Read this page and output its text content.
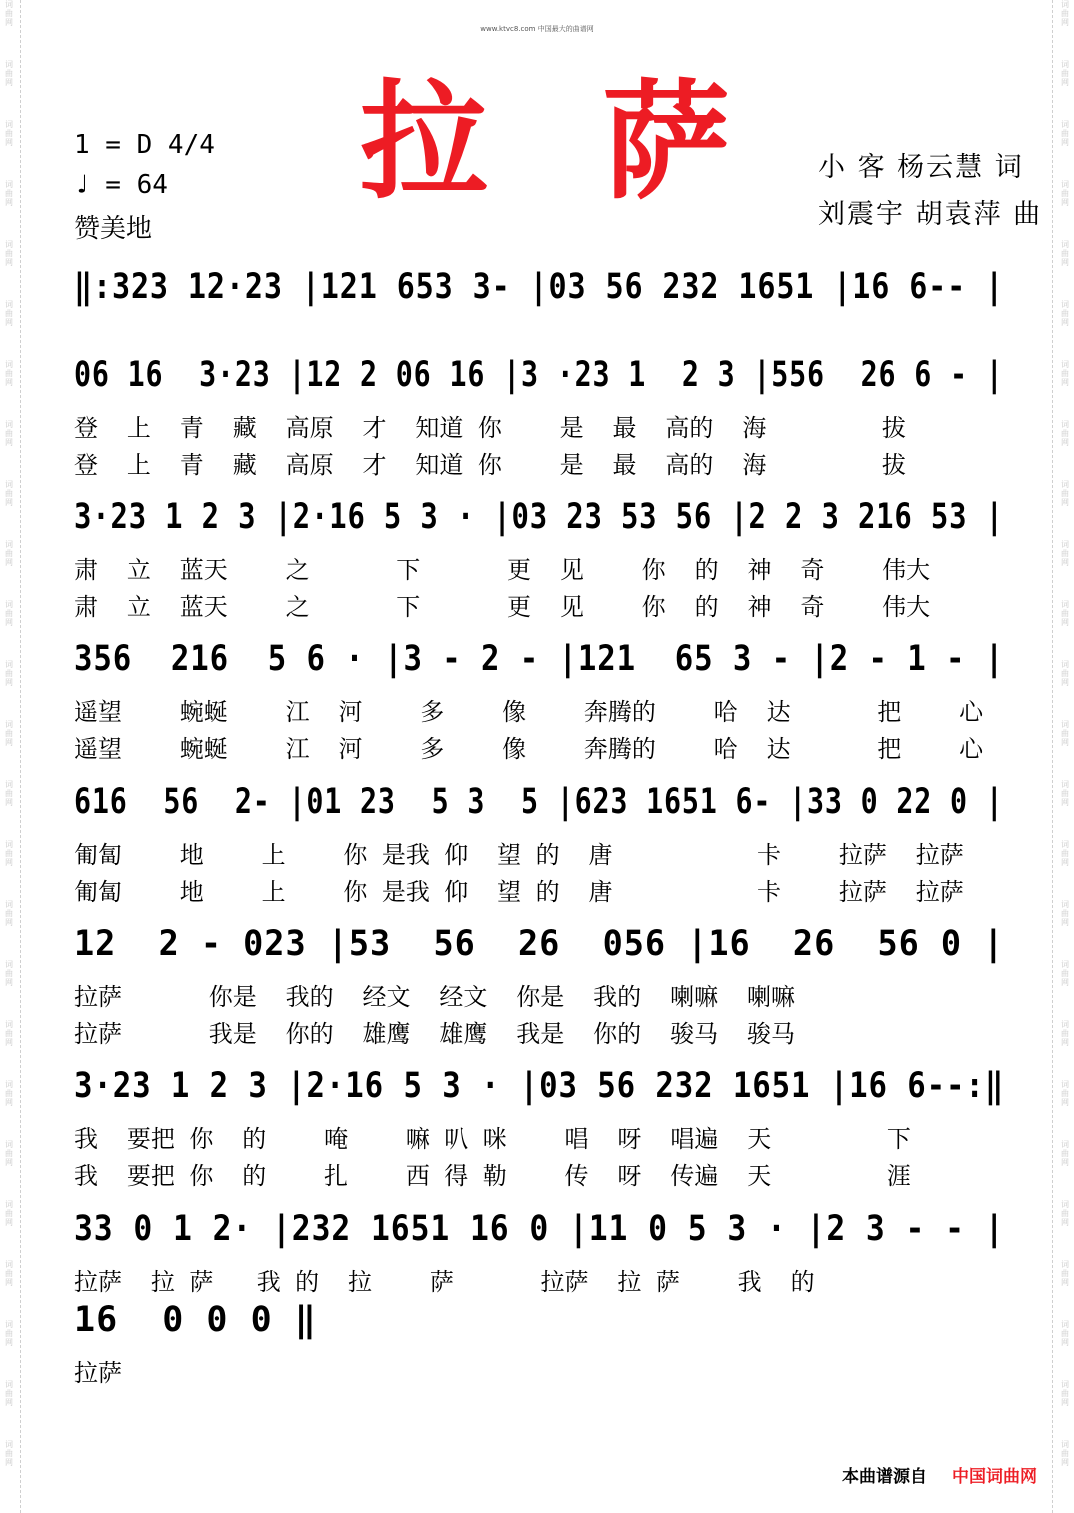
词
曲
网
词
曲
网
词
曲
网
词
曲
网
词
曲
网
词
曲
网
词
曲
网
词
曲
网
词
曲
网
词
曲
网
词
曲
网
词
曲
网
词
曲
网
词
曲
网
词
曲
网
词
曲
网
词
曲
网
词
曲
网
词
曲
网
词
曲
网
词
曲
网
词
曲
网
词
曲
网
词
曲
网
词
曲
网
词
曲
网
词
曲
网
词
曲
网
词
曲
网
词
曲
网
词
曲
网
词
曲
网
词
曲
网
词
曲
网
词
曲
网
词
曲
网
词
曲
网
词
曲
网
词
曲
网
词
曲
网
词
曲
网
词
曲
网
词
曲
网
词
曲
网
词
曲
网
词
曲
网
词
曲
网
词
曲
网
词
曲
网
词
曲
网
www.ktvc8.com 中国最大的曲谱网
1 = D 4/4
♩ = 64
赞美地
拉 萨	小 客 杨云慧 词
刘震宇 胡袁萍 曲
‖:323 12·23 |121 653 3- |03 56 232 1651 |16 6-- |
06 16  3·23 |12 2 06 16 |3 ·23 1  2 3 |556  26 6 - |
登  上  青  藏  高原  才  知道 你    是  最  高的  海        拔
登  上  青  藏  高原  才  知道 你    是  最  高的  海        拔
3·23 1 2 3 |2·16 5 3 · |03 23 53 56 |2 2 3 216 53 |
肃  立  蓝天    之      下      更  见    你  的  神  奇    伟大
肃  立  蓝天    之      下      更  见    你  的  神  奇    伟大
356  216  5 6 · |3 - 2 - |121  65 3 - |2 - 1 - |
遥望    蜿蜒    江  河    多    像    奔腾的    哈  达      把    心
遥望    蜿蜒    江  河    多    像    奔腾的    哈  达      把    心
616  56  2- |01 23  5 3  5 |623 1651 6- |33 0 22 0 |
匍匐    地    上    你 是我 仰  望 的  唐          卡    拉萨  拉萨
匍匐    地    上    你 是我 仰  望 的  唐          卡    拉萨  拉萨
12  2 - 023 |53  56  26  056 |16  26  56 0 |
拉萨      你是  我的  经文  经文  你是  我的  喇嘛  喇嘛
拉萨      我是  你的  雄鹰  雄鹰  我是  你的  骏马  骏马
3·23 1 2 3 |2·16 5 3 · |03 56 232 1651 |16 6--:‖
我  要把 你  的    唵    嘛 叭 咪    唱  呀  唱遍  天        下
我  要把 你  的    扎    西 得 勒    传  呀  传遍  天        涯
33 0 1 2· |232 1651 16 0 |11 0 5 3 · |2 3 - - |
拉萨  拉 萨   我 的  拉    萨      拉萨  拉 萨    我  的
16  0 0 0 ‖
拉萨
本曲谱源自 中国词曲网
